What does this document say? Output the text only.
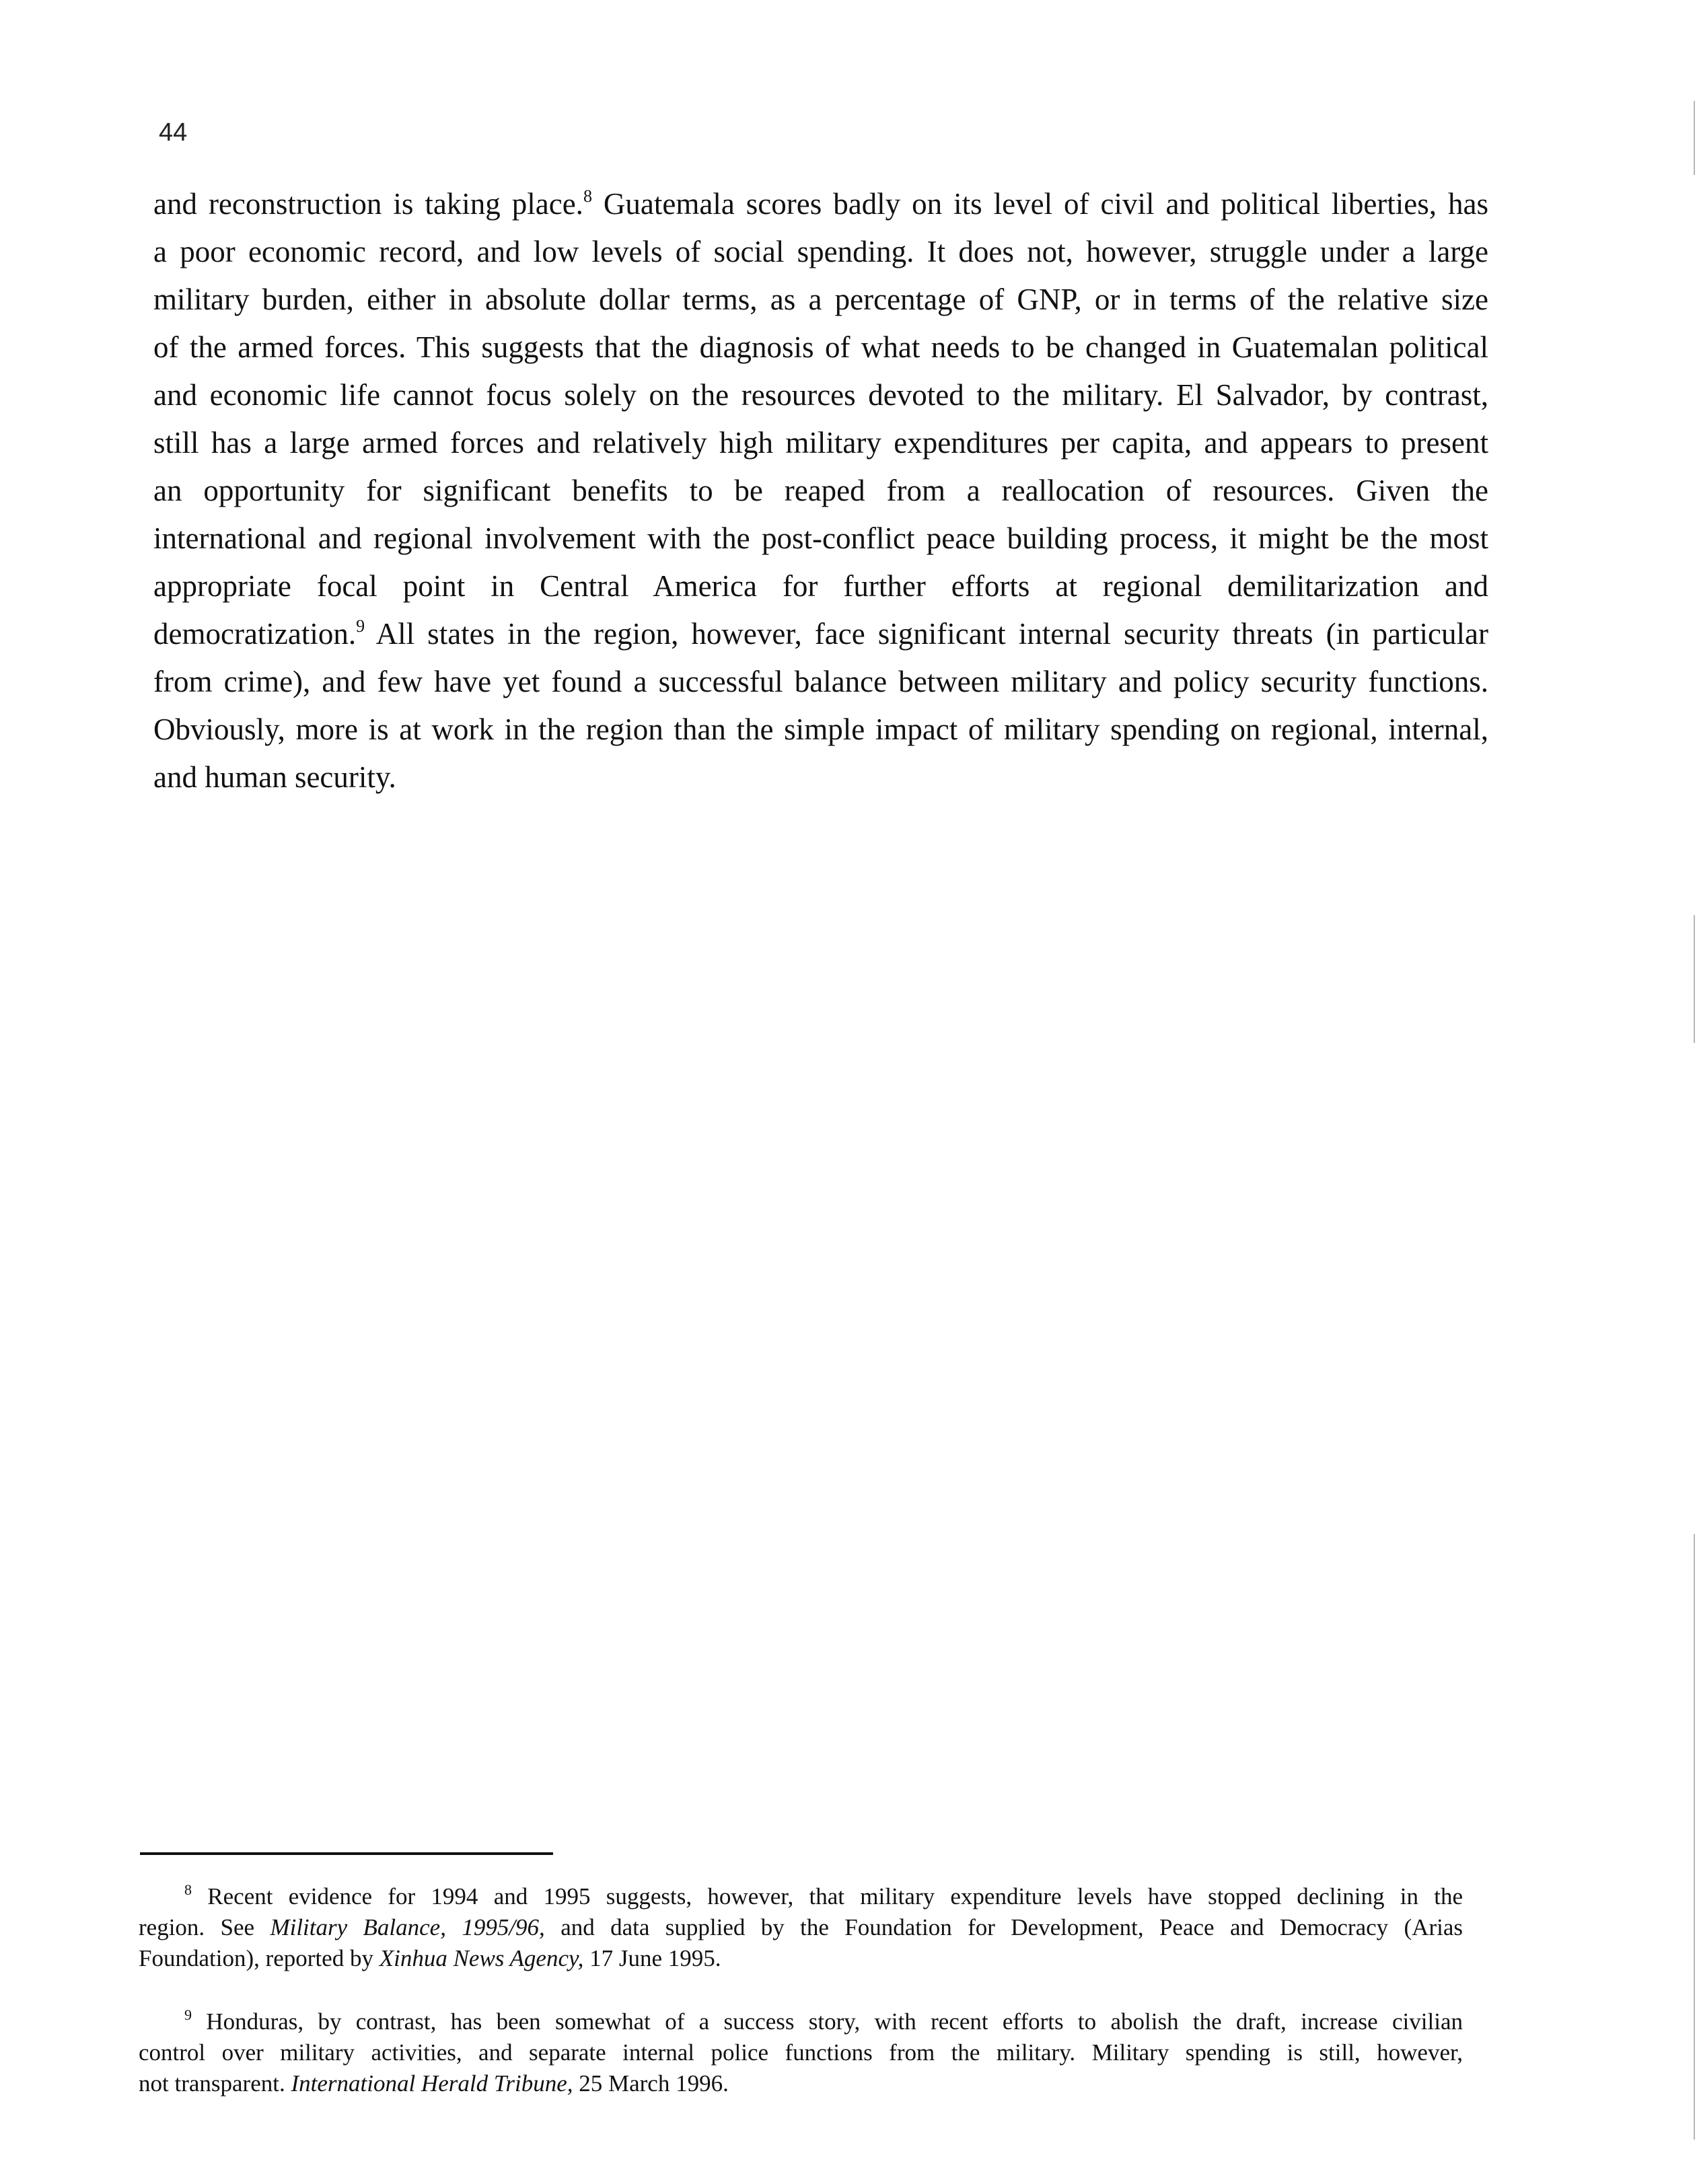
44
and reconstruction is taking place.$^8$ Guatemala scores badly on its level of civil and political liberties, has
a poor economic record, and low levels of social spending. It does not, however, struggle under a large
military burden, either in absolute dollar terms, as a percentage of GNP, or in terms of the relative size
of the armed forces. This suggests that the diagnosis of what needs to be changed in Guatemalan political
and economic life cannot focus solely on the resources devoted to the military. El Salvador, by contrast,
still has a large armed forces and relatively high military expenditures per capita, and appears to present
an opportunity for significant benefits to be reaped from a reallocation of resources. Given the
international and regional involvement with the post-conflict peace building process, it might be the most
appropriate focal point in Central America for further efforts at regional demilitarization and
democratization.$^9$ All states in the region, however, face significant internal security threats (in particular
from crime), and few have yet found a successful balance between military and policy security functions.
Obviously, more is at work in the region than the simple impact of military spending on regional, internal,
and human security.
$^8$ Recent evidence for 1994 and 1995 suggests, however, that military expenditure levels have stopped declining in the
region. See Military Balance, 1995/96, and data supplied by the Foundation for Development, Peace and Democracy (Arias
Foundation), reported by Xinhua News Agency, 17 June 1995.
$^9$ Honduras, by contrast, has been somewhat of a success story, with recent efforts to abolish the draft, increase civilian
control over military activities, and separate internal police functions from the military. Military spending is still, however,
not transparent. International Herald Tribune, 25 March 1996.
